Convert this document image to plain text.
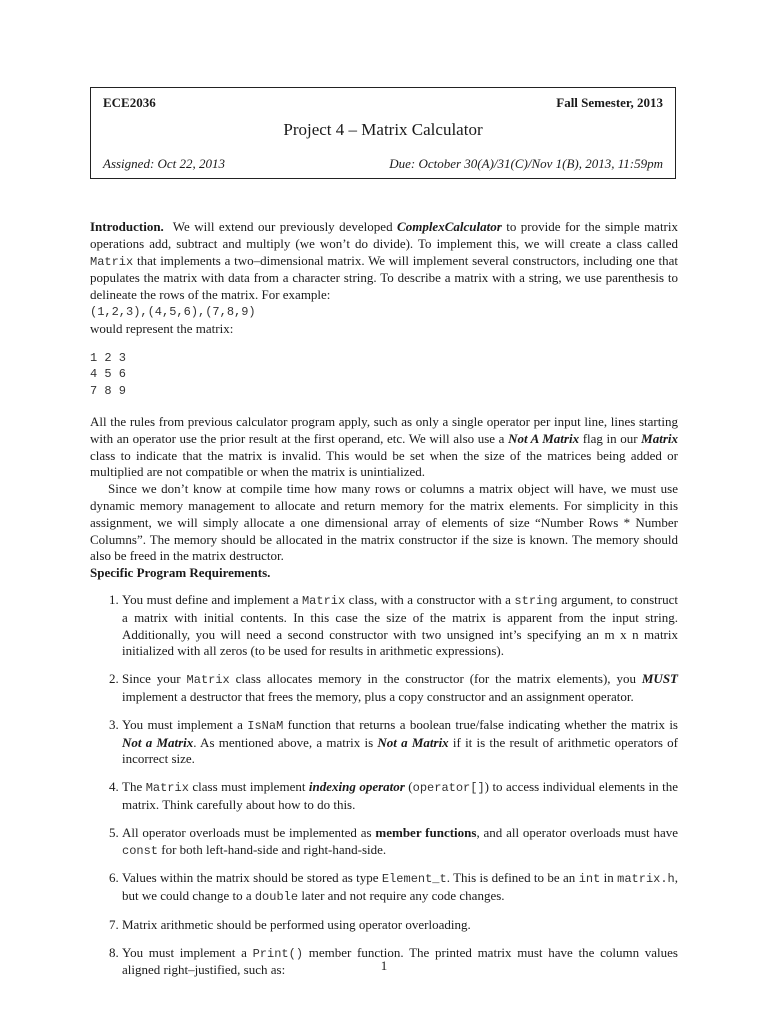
ECE2036	Fall Semester, 2013
Project 4 – Matrix Calculator
Assigned: Oct 22, 2013	Due: October 30(A)/31(C)/Nov 1(B), 2013, 11:59pm

Introduction. We will extend our previously developed ComplexCalculator to provide for the simple matrix operations add, subtract and multiply (we won’t do divide). To implement this, we will create a class called Matrix that implements a two–dimensional matrix. We will implement several constructors, including one that populates the matrix with data from a character string. To describe a matrix with a string, we use parenthesis to delineate the rows of the matrix. For example:

(1,2,3),(4,5,6),(7,8,9)

would represent the matrix:

1 2 3

4 5 6

7 8 9

All the rules from previous calculator program apply, such as only a single operator per input line, lines starting with an operator use the prior result at the first operand, etc. We will also use a Not A Matrix flag in our Matrix class to indicate that the matrix is invalid. This would be set when the size of the matrices being added or multiplied are not compatible or when the matrix is unintialized.

Since we don’t know at compile time how many rows or columns a matrix object will have, we must use dynamic memory management to allocate and return memory for the matrix elements. For simplicity in this assignment, we will simply allocate a one dimensional array of elements of size “Number Rows * Number Columns”. The memory should be allocated in the matrix constructor if the size is known. The memory should also be freed in the matrix destructor.

Specific Program Requirements.

1. You must define and implement a Matrix class, with a constructor with a string argument, to construct a matrix with initial contents. In this case the size of the matrix is apparent from the input string. Additionally, you will need a second constructor with two unsigned int’s specifying an m x n matrix initialized with all zeros (to be used for results in arithmetic expressions).
2. Since your Matrix class allocates memory in the constructor (for the matrix elements), you MUST implement a destructor that frees the memory, plus a copy constructor and an assignment operator.
3. You must implement a IsNaM function that returns a boolean true/false indicating whether the matrix is Not a Matrix. As mentioned above, a matrix is Not a Matrix if it is the result of arithmetic operators of incorrect size.
4. The Matrix class must implement indexing operator (operator[]) to access individual elements in the matrix. Think carefully about how to do this.
5. All operator overloads must be implemented as member functions, and all operator overloads must have const for both left-hand-side and right-hand-side.
6. Values within the matrix should be stored as type Element_t. This is defined to be an int in matrix.h, but we could change to a double later and not require any code changes.
7. Matrix arithmetic should be performed using operator overloading.
8. You must implement a Print() member function. The printed matrix must have the column values aligned right–justified, such as:	1
